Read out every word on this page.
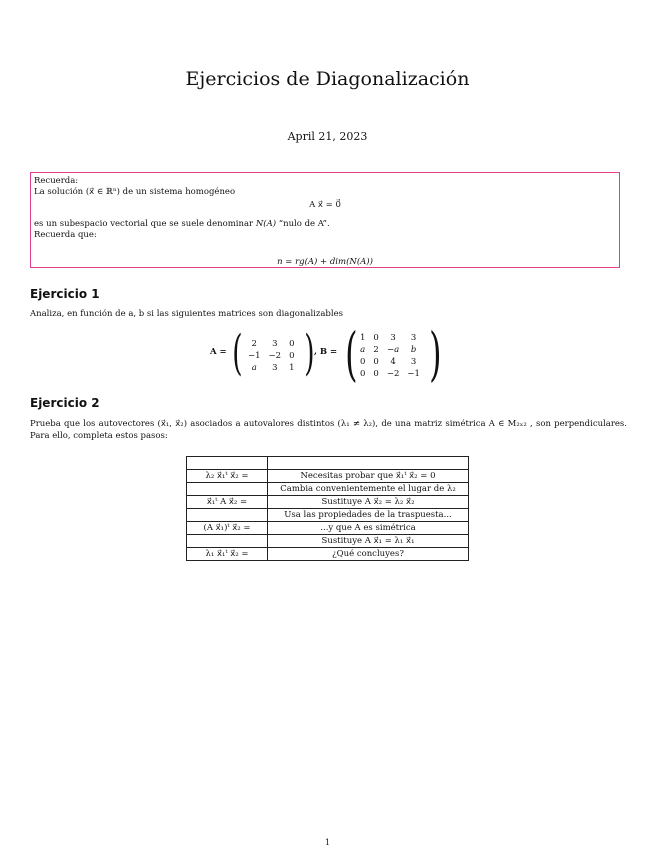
Ejercicios de Diagonalización
April 21, 2023
Recuerda:
La solución (x⃗ ∈ ℝⁿ) de un sistema homogéneo
A x⃗ = 0⃗
es un subespacio vectorial que se suele denominar N(A) “nulo de A”.
Recuerda que:
n = rg(A) + dim(N(A))
Ejercicio 1
Analiza, en función de a, b si las siguientes matrices son diagonalizables
A = ( 2	3	0
−1	−2	0
a	3	1 ) , B = ( 1	0	3	3
a	2	−a	b
0	0	4	3
0	0	−2	−1 )
Ejercicio 2
Prueba que los autovectores (x⃗₁, x⃗₂) asociados a autovalores distintos (λ₁ ≠ λ₂), de una matriz simétrica A ∈ M₂ₓ₂ , son perpendiculares. Para ello, completa estos pasos:

λ₂ x⃗₁ᵗ x⃗₂ =	Necesitas probar que x⃗₁ᵗ x⃗₂ = 0
	Cambia convenientemente el lugar de λ₂
x⃗₁ᵗ A x⃗₂ =	Sustituye A x⃗₂ = λ₂ x⃗₂
	Usa las propiedades de la traspuesta...
(A x⃗₁)ᵗ x⃗₂ =	...y que A es simétrica
	Sustituye A x⃗₁ = λ₁ x⃗₁
λ₁ x⃗₁ᵗ x⃗₂ =	¿Qué concluyes?
1
